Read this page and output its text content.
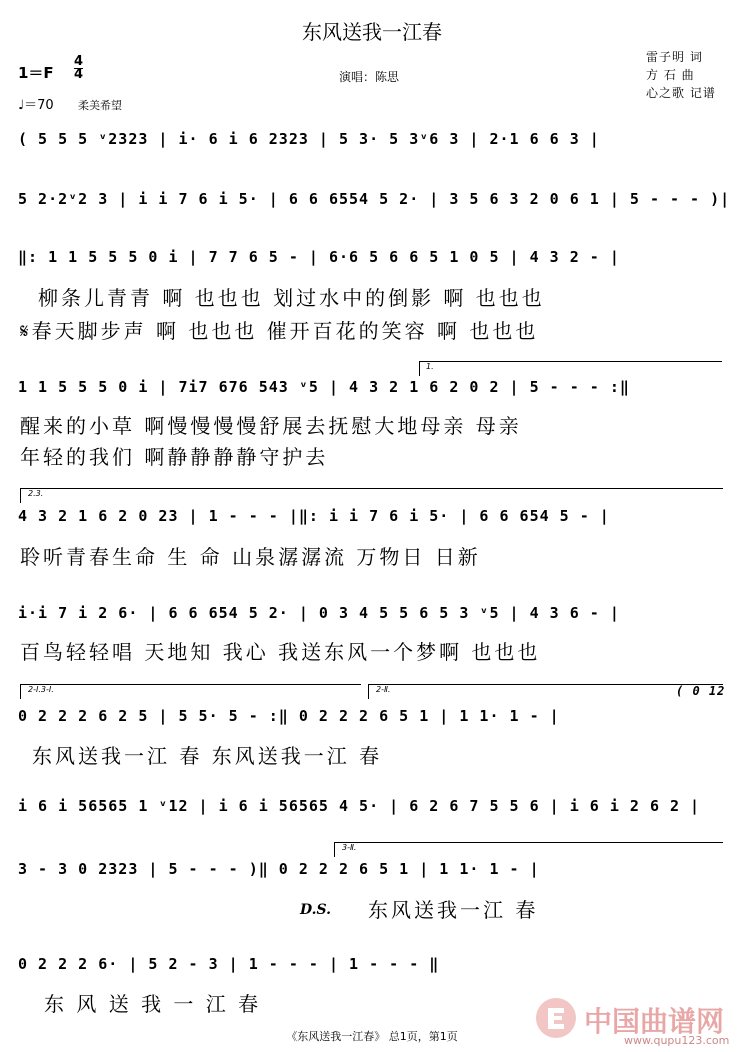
东风送我一江春
1＝F
4
4
♩＝70 柔美希望
演唱：陈思
雷子明 词
方 石 曲
心之歌 记谱
( 5 5 5 ᵛ2323 | i· 6 i 6 2323 | 5 3· 5 3ᵛ6 3 | 2·1 6 6 3 |
5 2·2ᵛ2 3 | i i 7 6 i 5· | 6 6 6554 5 2· | 3 5 6 3 2 0 6 1 | 5 - - - )|
‖: 1 1 5 5 5 0 i | 7 7 6 5 - | 6·6 5 6 6 5 1 0 5 | 4 3 2 - |
柳条儿青青 啊 也也也 划过水中的倒影 啊 也也也
𝄋春天脚步声 啊 也也也 催开百花的笑容 啊 也也也
1.
1 1 5 5 5 0 i | 7i7 676 543 ᵛ5 | 4 3 2 1 6 2 0 2 | 5 - - - :‖
醒来的小草 啊慢慢慢慢舒展去抚慰大地母亲 母亲
年轻的我们 啊静静静静守护去
2.3.
4 3 2 1 6 2 0 23 | 1 - - - |‖: i i 7 6 i 5· | 6 6 654 5 - |
聆听青春生命 生 命 山泉潺潺流 万物日 日新
i·i 7 i 2 6· | 6 6 654 5 2· | 0 3 4 5 5 6 5 3 ᵛ5 | 4 3 6 - |
百鸟轻轻唱 天地知 我心 我送东风一个梦啊 也也也
2-Ⅰ.3-Ⅰ.	2-Ⅱ.	( 0 12
0 2 2 2 6 2 5 | 5 5· 5 - :‖ 0 2 2 2 6 5 1 | 1 1· 1 - |
东风送我一江 春 东风送我一江 春
i 6 i 56565 1 ᵛ12 | i 6 i 56565 4 5· | 6 2 6 7 5 5 6 | i 6 i 2 6 2 |
3-Ⅱ.
3 - 3 0 2323 | 5 - - - )‖ 0 2 2 2 6 5 1 | 1 1· 1 - |
D.S. 东风送我一江 春
0 2 2 2 6· | 5 2 - 3 | 1 - - - | 1 - - - ‖
东 风 送 我 一 江 春
中国曲谱网
www.qupu123.com
《东风送我一江春》 总1页，第1页
